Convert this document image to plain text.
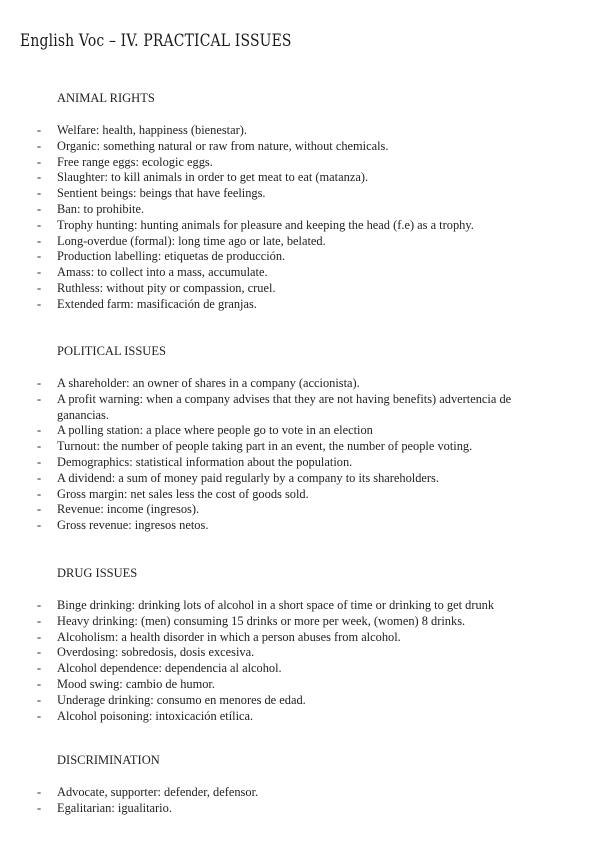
English Voc – IV. PRACTICAL ISSUES
ANIMAL RIGHTS
- Welfare: health, happiness (bienestar).
- Organic: something natural or raw from nature, without chemicals.
- Free range eggs: ecologic eggs.
- Slaughter: to kill animals in order to get meat to eat (matanza).
- Sentient beings: beings that have feelings.
- Ban: to prohibite.
- Trophy hunting: hunting animals for pleasure and keeping the head (f.e) as a trophy.
- Long-overdue (formal): long time ago or late, belated.
- Production labelling: etiquetas de producción.
- Amass: to collect into a mass, accumulate.
- Ruthless: without pity or compassion, cruel.
- Extended farm: masificación de granjas.
POLITICAL ISSUES
- A shareholder: an owner of shares in a company (accionista).
- A profit warning: when a company advises that they are not having benefits) advertencia de ganancias.
- A polling station: a place where people go to vote in an election
- Turnout: the number of people taking part in an event, the number of people voting.
- Demographics: statistical information about the population.
- A dividend: a sum of money paid regularly by a company to its shareholders.
- Gross margin: net sales less the cost of goods sold.
- Revenue: income (ingresos).
- Gross revenue: ingresos netos.
DRUG ISSUES
- Binge drinking: drinking lots of alcohol in a short space of time or drinking to get drunk
- Heavy drinking: (men) consuming 15 drinks or more per week, (women) 8 drinks.
- Alcoholism: a health disorder in which a person abuses from alcohol.
- Overdosing: sobredosis, dosis excesiva.
- Alcohol dependence: dependencia al alcohol.
- Mood swing: cambio de humor.
- Underage drinking: consumo en menores de edad.
- Alcohol poisoning: intoxicación etílica.
DISCRIMINATION
- Advocate, supporter: defender, defensor.
- Egalitarian: igualitario.
